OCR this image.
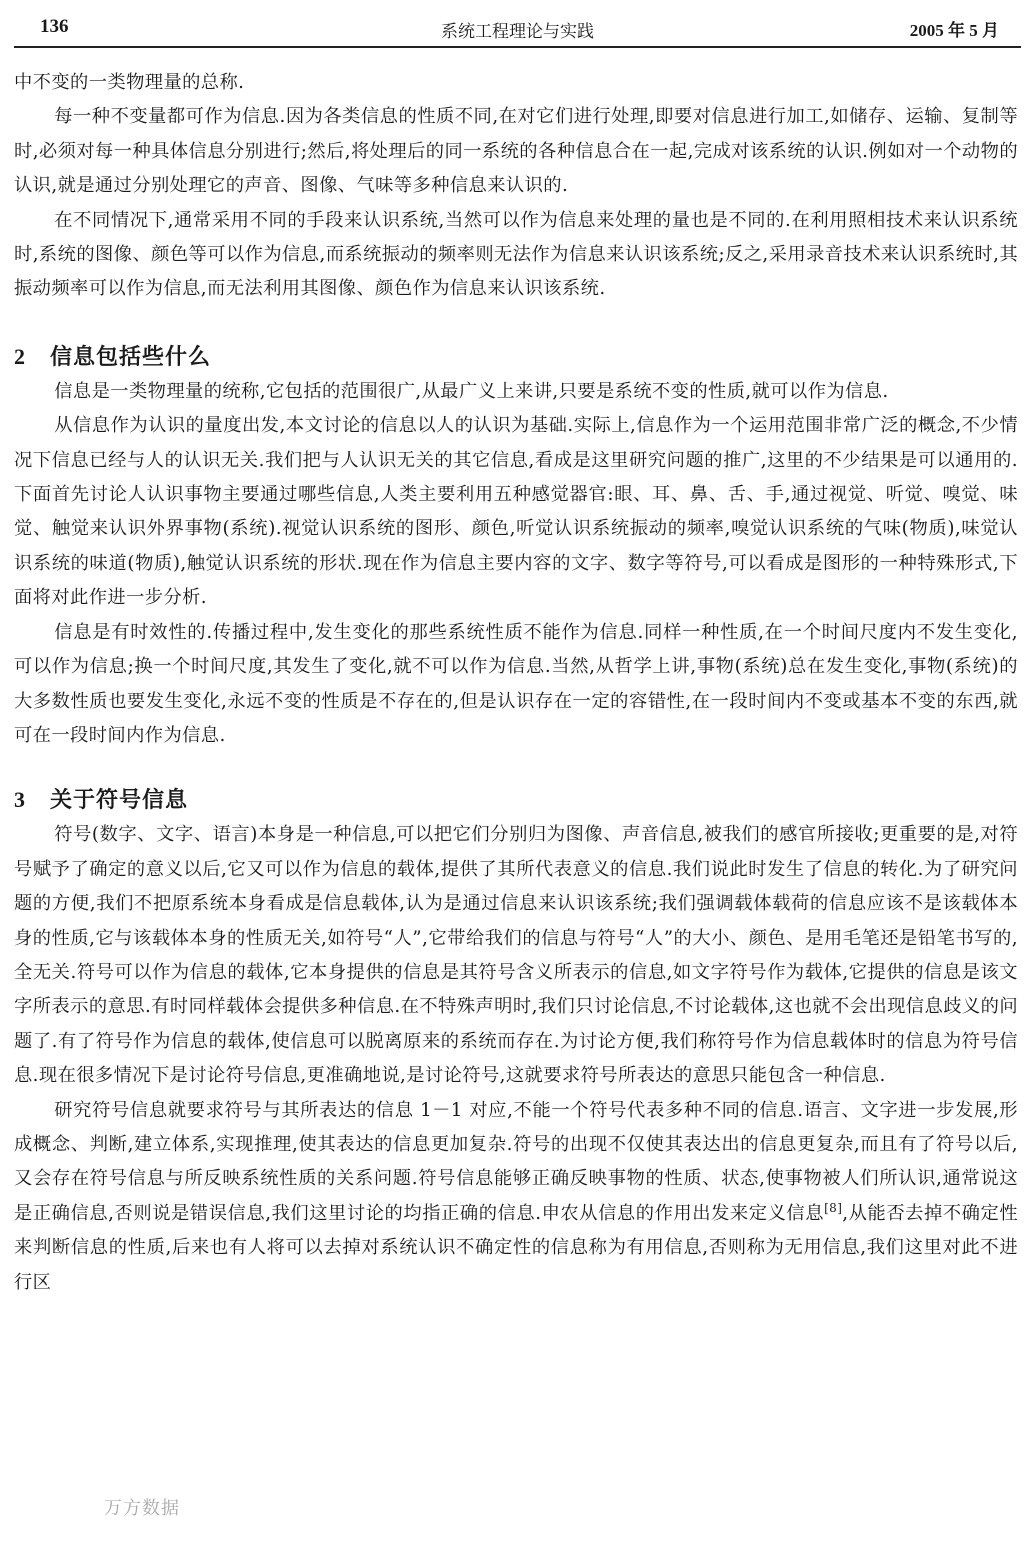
136	系统工程理论与实践	2005 年 5 月

中不变的一类物理量的总称.

每一种不变量都可作为信息.因为各类信息的性质不同,在对它们进行处理,即要对信息进行加工,如储存、运输、复制等时,必须对每一种具体信息分别进行;然后,将处理后的同一系统的各种信息合在一起,完成对该系统的认识.例如对一个动物的认识,就是通过分别处理它的声音、图像、气味等多种信息来认识的.

在不同情况下,通常采用不同的手段来认识系统,当然可以作为信息来处理的量也是不同的.在利用照相技术来认识系统时,系统的图像、颜色等可以作为信息,而系统振动的频率则无法作为信息来认识该系统;反之,采用录音技术来认识系统时,其振动频率可以作为信息,而无法利用其图像、颜色作为信息来认识该系统.

2 信息包括些什么

信息是一类物理量的统称,它包括的范围很广,从最广义上来讲,只要是系统不变的性质,就可以作为信息.

从信息作为认识的量度出发,本文讨论的信息以人的认识为基础.实际上,信息作为一个运用范围非常广泛的概念,不少情况下信息已经与人的认识无关.我们把与人认识无关的其它信息,看成是这里研究问题的推广,这里的不少结果是可以通用的.下面首先讨论人认识事物主要通过哪些信息,人类主要利用五种感觉器官:眼、耳、鼻、舌、手,通过视觉、听觉、嗅觉、味觉、触觉来认识外界事物(系统).视觉认识系统的图形、颜色,听觉认识系统振动的频率,嗅觉认识系统的气味(物质),味觉认识系统的味道(物质),触觉认识系统的形状.现在作为信息主要内容的文字、数字等符号,可以看成是图形的一种特殊形式,下面将对此作进一步分析.

信息是有时效性的.传播过程中,发生变化的那些系统性质不能作为信息.同样一种性质,在一个时间尺度内不发生变化,可以作为信息;换一个时间尺度,其发生了变化,就不可以作为信息.当然,从哲学上讲,事物(系统)总在发生变化,事物(系统)的大多数性质也要发生变化,永远不变的性质是不存在的,但是认识存在一定的容错性,在一段时间内不变或基本不变的东西,就可在一段时间内作为信息.

3 关于符号信息

符号(数字、文字、语言)本身是一种信息,可以把它们分别归为图像、声音信息,被我们的感官所接收;更重要的是,对符号赋予了确定的意义以后,它又可以作为信息的载体,提供了其所代表意义的信息.我们说此时发生了信息的转化.为了研究问题的方便,我们不把原系统本身看成是信息载体,认为是通过信息来认识该系统;我们强调载体载荷的信息应该不是该载体本身的性质,它与该载体本身的性质无关,如符号“人”,它带给我们的信息与符号“人”的大小、颜色、是用毛笔还是铅笔书写的,全无关.符号可以作为信息的载体,它本身提供的信息是其符号含义所表示的信息,如文字符号作为载体,它提供的信息是该文字所表示的意思.有时同样载体会提供多种信息.在不特殊声明时,我们只讨论信息,不讨论载体,这也就不会出现信息歧义的问题了.有了符号作为信息的载体,使信息可以脱离原来的系统而存在.为讨论方便,我们称符号作为信息载体时的信息为符号信息.现在很多情况下是讨论符号信息,更准确地说,是讨论符号,这就要求符号所表达的意思只能包含一种信息.

研究符号信息就要求符号与其所表达的信息 1－1 对应,不能一个符号代表多种不同的信息.语言、文字进一步发展,形成概念、判断,建立体系,实现推理,使其表达的信息更加复杂.符号的出现不仅使其表达出的信息更复杂,而且有了符号以后,又会存在符号信息与所反映系统性质的关系问题.符号信息能够正确反映事物的性质、状态,使事物被人们所认识,通常说这是正确信息,否则说是错误信息,我们这里讨论的均指正确的信息.申农从信息的作用出发来定义信息[8],从能否去掉不确定性来判断信息的性质,后来也有人将可以去掉对系统认识不确定性的信息称为有用信息,否则称为无用信息,我们这里对此不进行区

万方数据
